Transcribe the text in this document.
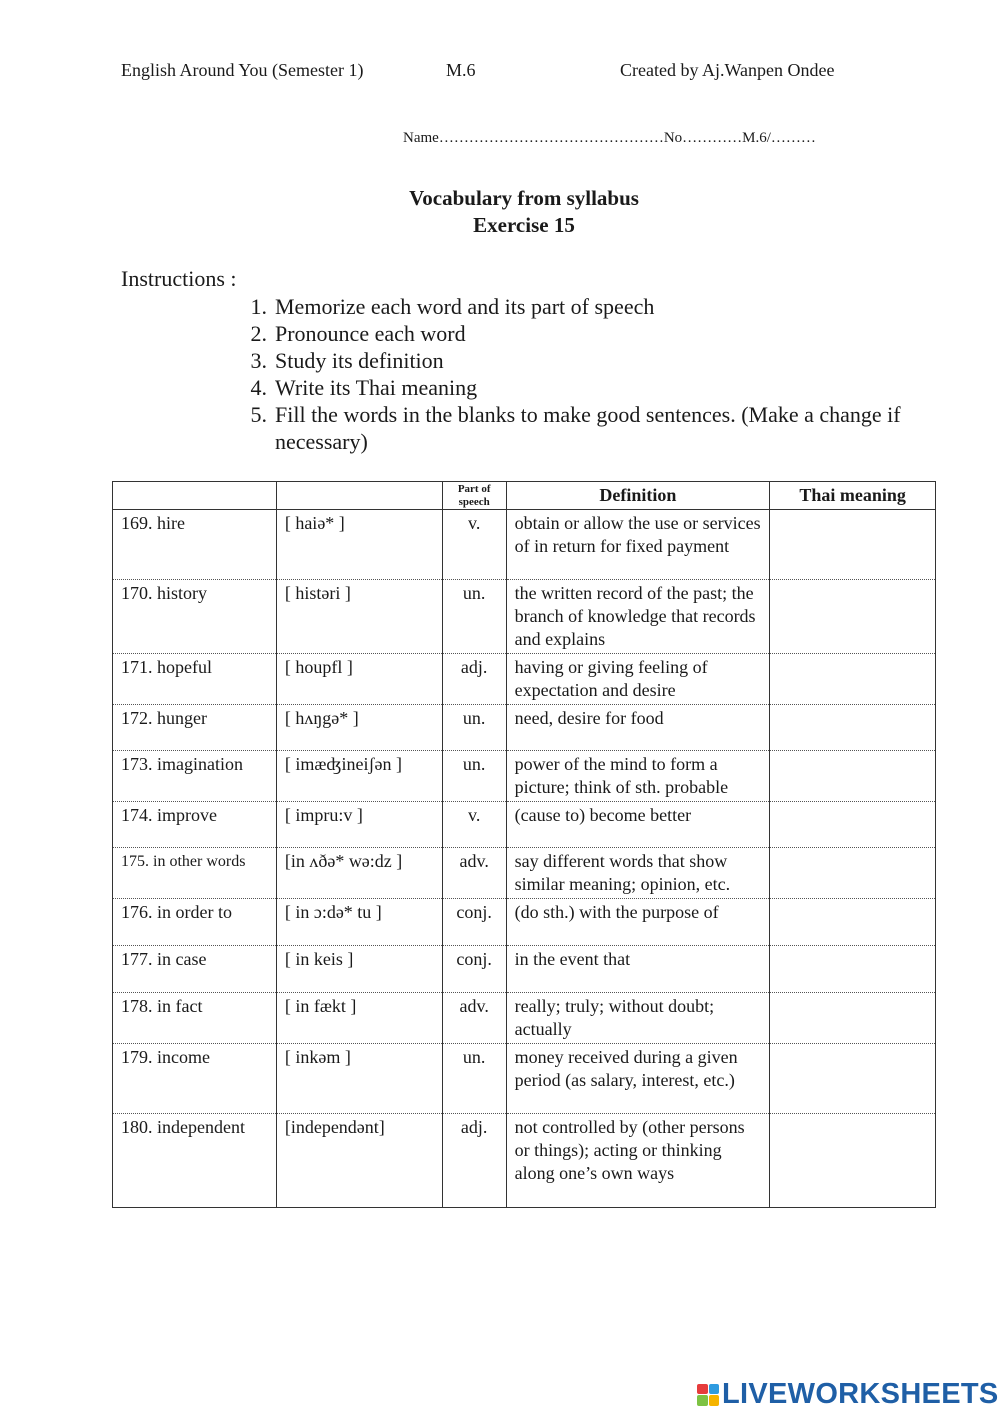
English Around You (Semester 1)	M.6	Created by Aj.Wanpen Ondee
Name………………………………………No…………M.6/………
Vocabulary from syllabus
Exercise 15
Instructions :
1. Memorize each word and its part of speech
2. Pronounce each word
3. Study its definition
4. Write its Thai meaning
5. Fill the words in the blanks to make good sentences. (Make a change if necessary)
		Part of speech	Definition	Thai meaning
169. hire	[ haiə* ]	v.	obtain or allow the use or services of in return for fixed payment	
170. history	[ histəri ]	un.	the written record of the past; the branch of knowledge that records and explains	
171. hopeful	[ houpfl ]	adj.	having or giving feeling of expectation and desire	
172. hunger	[ hʌŋgə* ]	un.	need, desire for food	
173. imagination	[ imæʤineiʃən ]	un.	power of the mind to form a picture; think of sth. probable	
174. improve	[ impru:v ]	v.	(cause to) become better	
175. in other words	[in ʌðə* wə:dz ]	adv.	say different words that show similar meaning; opinion, etc.	
176. in order to	[ in ɔ:də* tu ]	conj.	(do sth.) with the purpose of	
177. in case	[ in keis ]	conj.	in the event that	
178. in fact	[ in fækt ]	adv.	really; truly; without doubt; actually	
179. income	[ inkəm ]	un.	money received during a given period (as salary, interest, etc.)	
180. independent	[independənt]	adj.	not controlled by (other persons or things); acting or thinking along one’s own ways	
LIVEWORKSHEETS
